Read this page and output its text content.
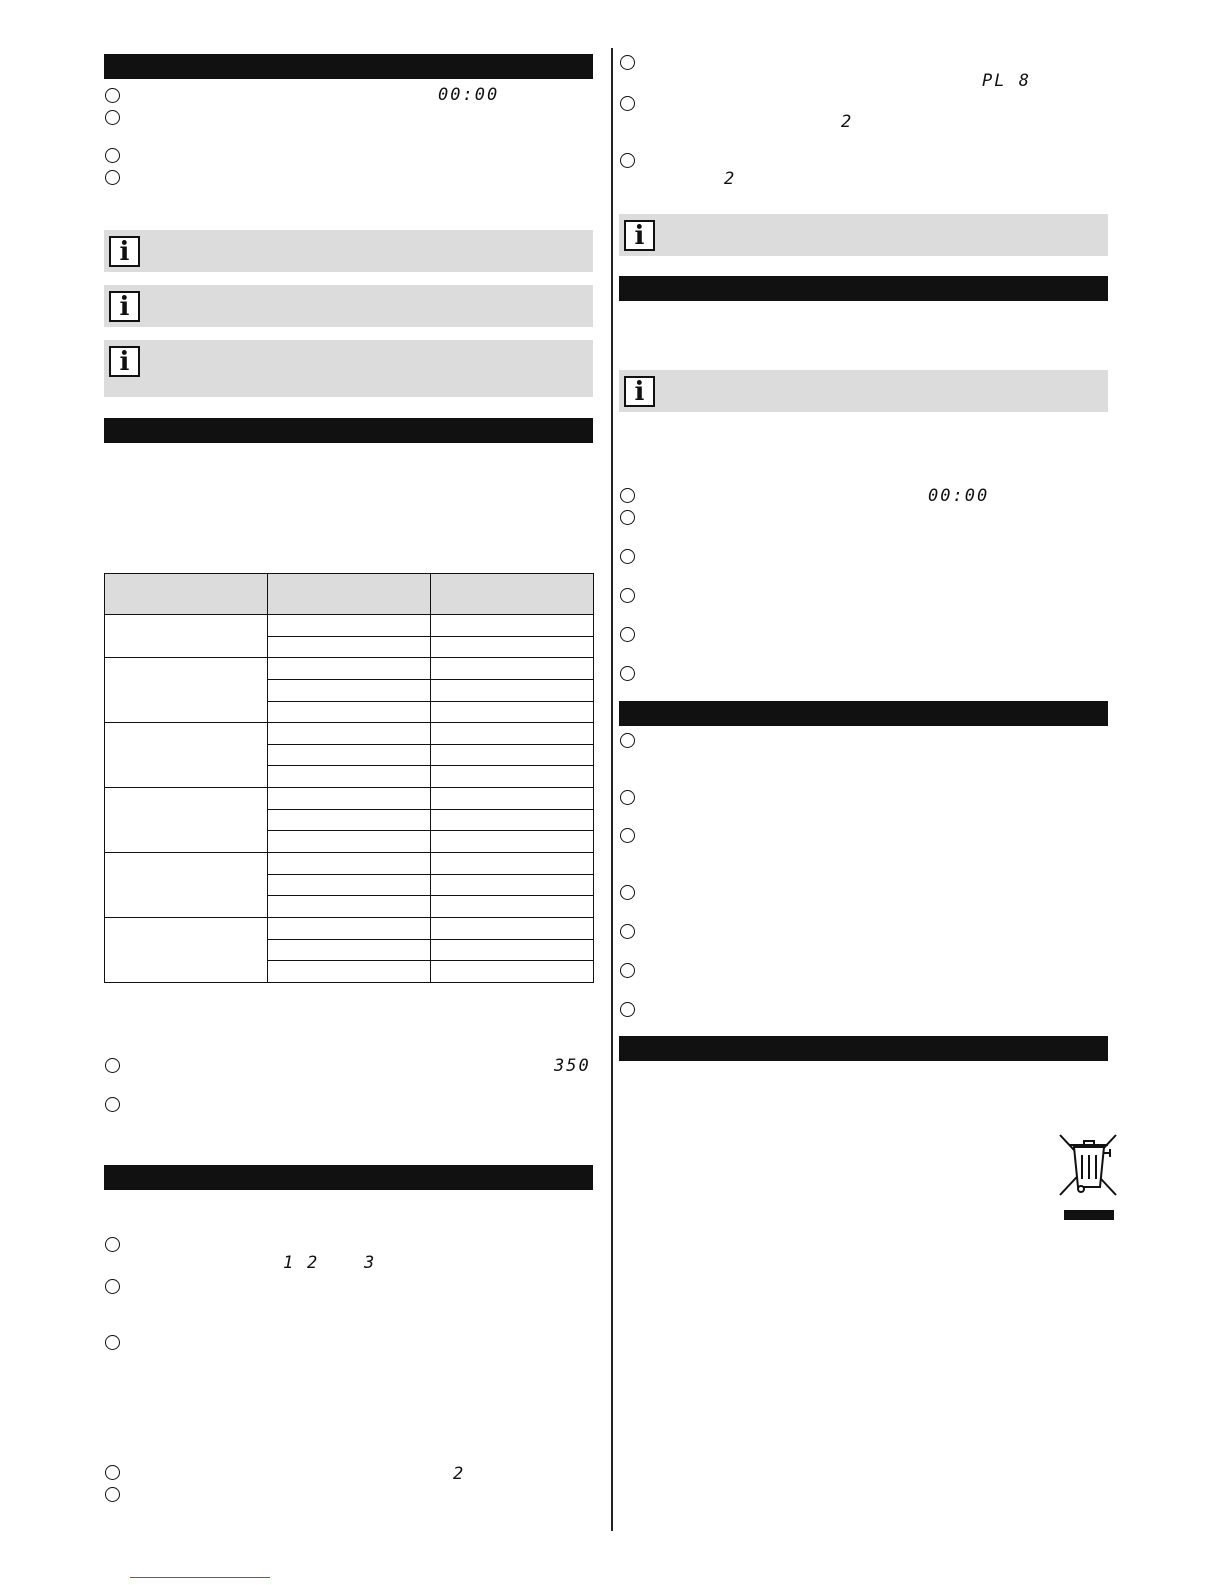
00:00
i
i
i

350
1 2	3
2
PL 8
2
2
i
i
00:00
